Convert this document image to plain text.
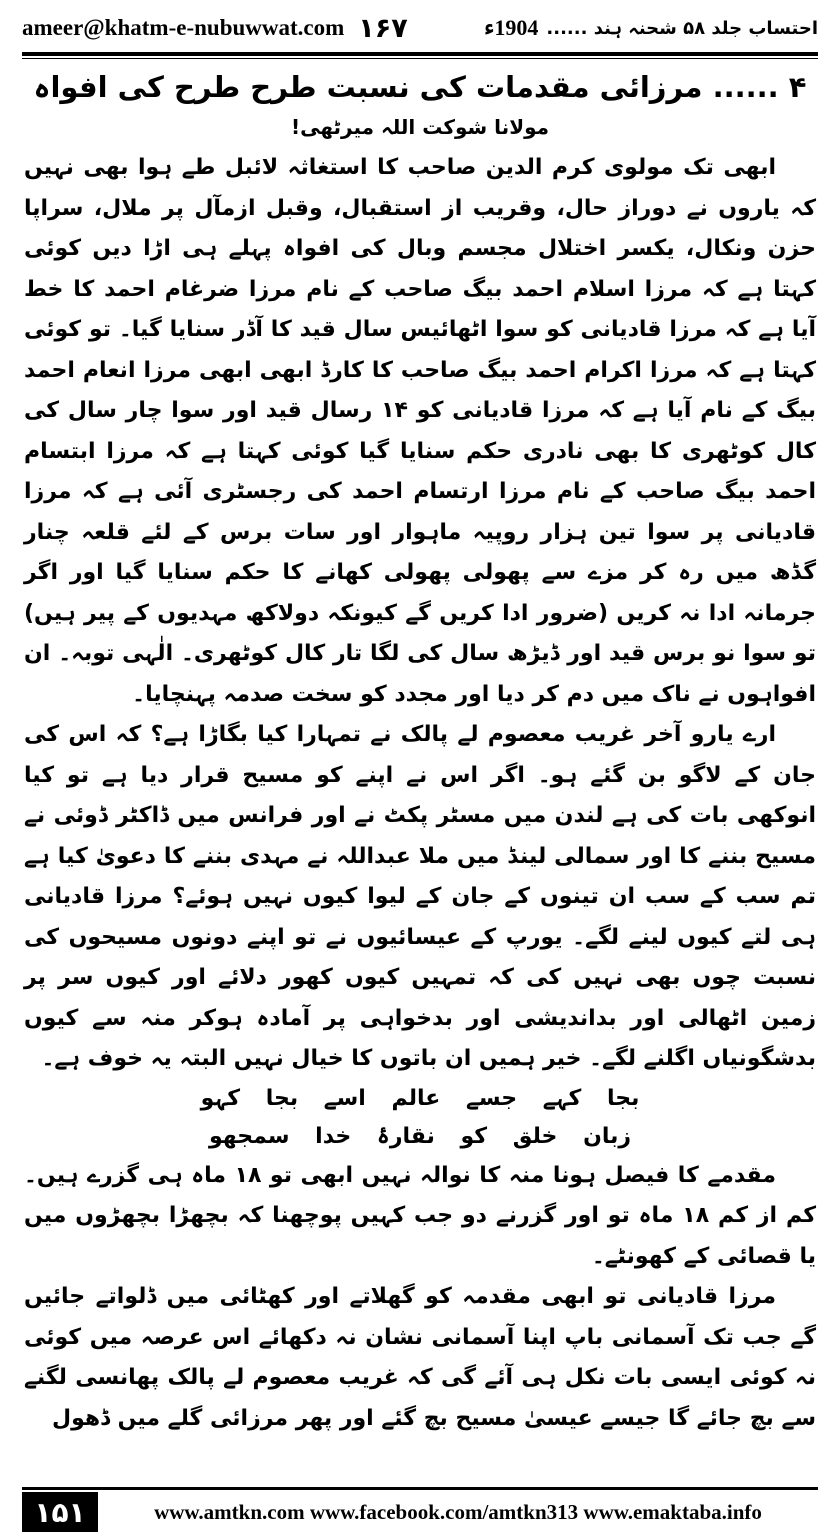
ameer@khatm-e-nubuwwat.com ۱۶۷	احتساب جلد ۵۸ شحنہ ہند ......
1904ء

۴ ...... مرزائی مقدمات کی نسبت طرح طرح کی افواہ

مولانا شوکت اللہ میرٹھی!

ابھی تک مولوی کرم الدین صاحب کا استغاثہ لائبل طے ہوا بھی نہیں کہ یاروں نے دوراز حال، وقریب از استقبال، وقبل ازمآل پر ملال، سراپا حزن ونکال، یکسر اختلال مجسم وبال کی افواہ پہلے ہی اڑا دیں کوئی کہتا ہے کہ مرزا اسلام احمد بیگ صاحب کے نام مرزا ضرغام احمد کا خط آیا ہے کہ مرزا قادیانی کو سوا اٹھائیس سال قید کا آڈر سنایا گیا۔ تو کوئی کہتا ہے کہ مرزا اکرام احمد بیگ صاحب کا کارڈ ابھی ابھی مرزا انعام احمد بیگ کے نام آیا ہے کہ مرزا قادیانی کو ۱۴ رسال قید اور سوا چار سال کی کال کوٹھری کا بھی نادری حکم سنایا گیا کوئی کہتا ہے کہ مرزا ابتسام احمد بیگ صاحب کے نام مرزا ارتسام احمد کی رجسٹری آئی ہے کہ مرزا قادیانی پر سوا تین ہزار روپیہ ماہوار اور سات برس کے لئے قلعہ چنار گڈھ میں رہ کر مزے سے پھولی پھولی کھانے کا حکم سنایا گیا اور اگر جرمانہ ادا نہ کریں (ضرور ادا کریں گے کیونکہ دولاکھ مہدیوں کے پیر ہیں) تو سوا نو برس قید اور ڈیڑھ سال کی لگا تار کال کوٹھری۔ الٰہی توبہ۔ ان افواہوں نے ناک میں دم کر دیا اور مجدد کو سخت صدمہ پہنچایا۔

ارے یارو آخر غریب معصوم لے پالک نے تمہارا کیا بگاڑا ہے؟ کہ اس کی جان کے لاگو بن گئے ہو۔ اگر اس نے اپنے کو مسیح قرار دیا ہے تو کیا انوکھی بات کی ہے لندن میں مسٹر پکٹ نے اور فرانس میں ڈاکٹر ڈوئی نے مسیح بننے کا اور سمالی لینڈ میں ملا عبداللہ نے مہدی بننے کا دعویٰ کیا ہے تم سب کے سب ان تینوں کے جان کے لیوا کیوں نہیں ہوئے؟ مرزا قادیانی ہی لتے کیوں لینے لگے۔ یورپ کے عیسائیوں نے تو اپنے دونوں مسیحوں کی نسبت چوں بھی نہیں کی کہ تمہیں کیوں کھور دلائے اور کیوں سر پر زمین اٹھالی اور بداندیشی اور بدخواہی پر آمادہ ہوکر منہ سے کیوں بدشگونیاں اگلنے لگے۔ خیر ہمیں ان باتوں کا خیال نہیں البتہ یہ خوف ہے۔

بجا کہے جسے عالم اسے بجا کہو

زبان خلق کو نقارۂ خدا سمجھو

مقدمے کا فیصل ہونا منہ کا نوالہ نہیں ابھی تو ۱۸ ماہ ہی گزرے ہیں۔ کم از کم ۱۸ ماہ تو اور گزرنے دو جب کہیں پوچھنا کہ بچھڑا بچھڑوں میں یا قصائی کے کھونٹے۔

مرزا قادیانی تو ابھی مقدمہ کو گھلاتے اور کھٹائی میں ڈلواتے جائیں گے جب تک آسمانی باپ اپنا آسمانی نشان نہ دکھائے اس عرصہ میں کوئی نہ کوئی ایسی بات نکل ہی آئے گی کہ غریب معصوم لے پالک پھانسی لگنے سے بچ جائے گا جیسے عیسیٰ مسیح بچ گئے اور پھر مرزائی گلے میں ڈھول

۱۵۱	www.amtkn.com www.facebook.com/amtkn313 www.emaktaba.info
